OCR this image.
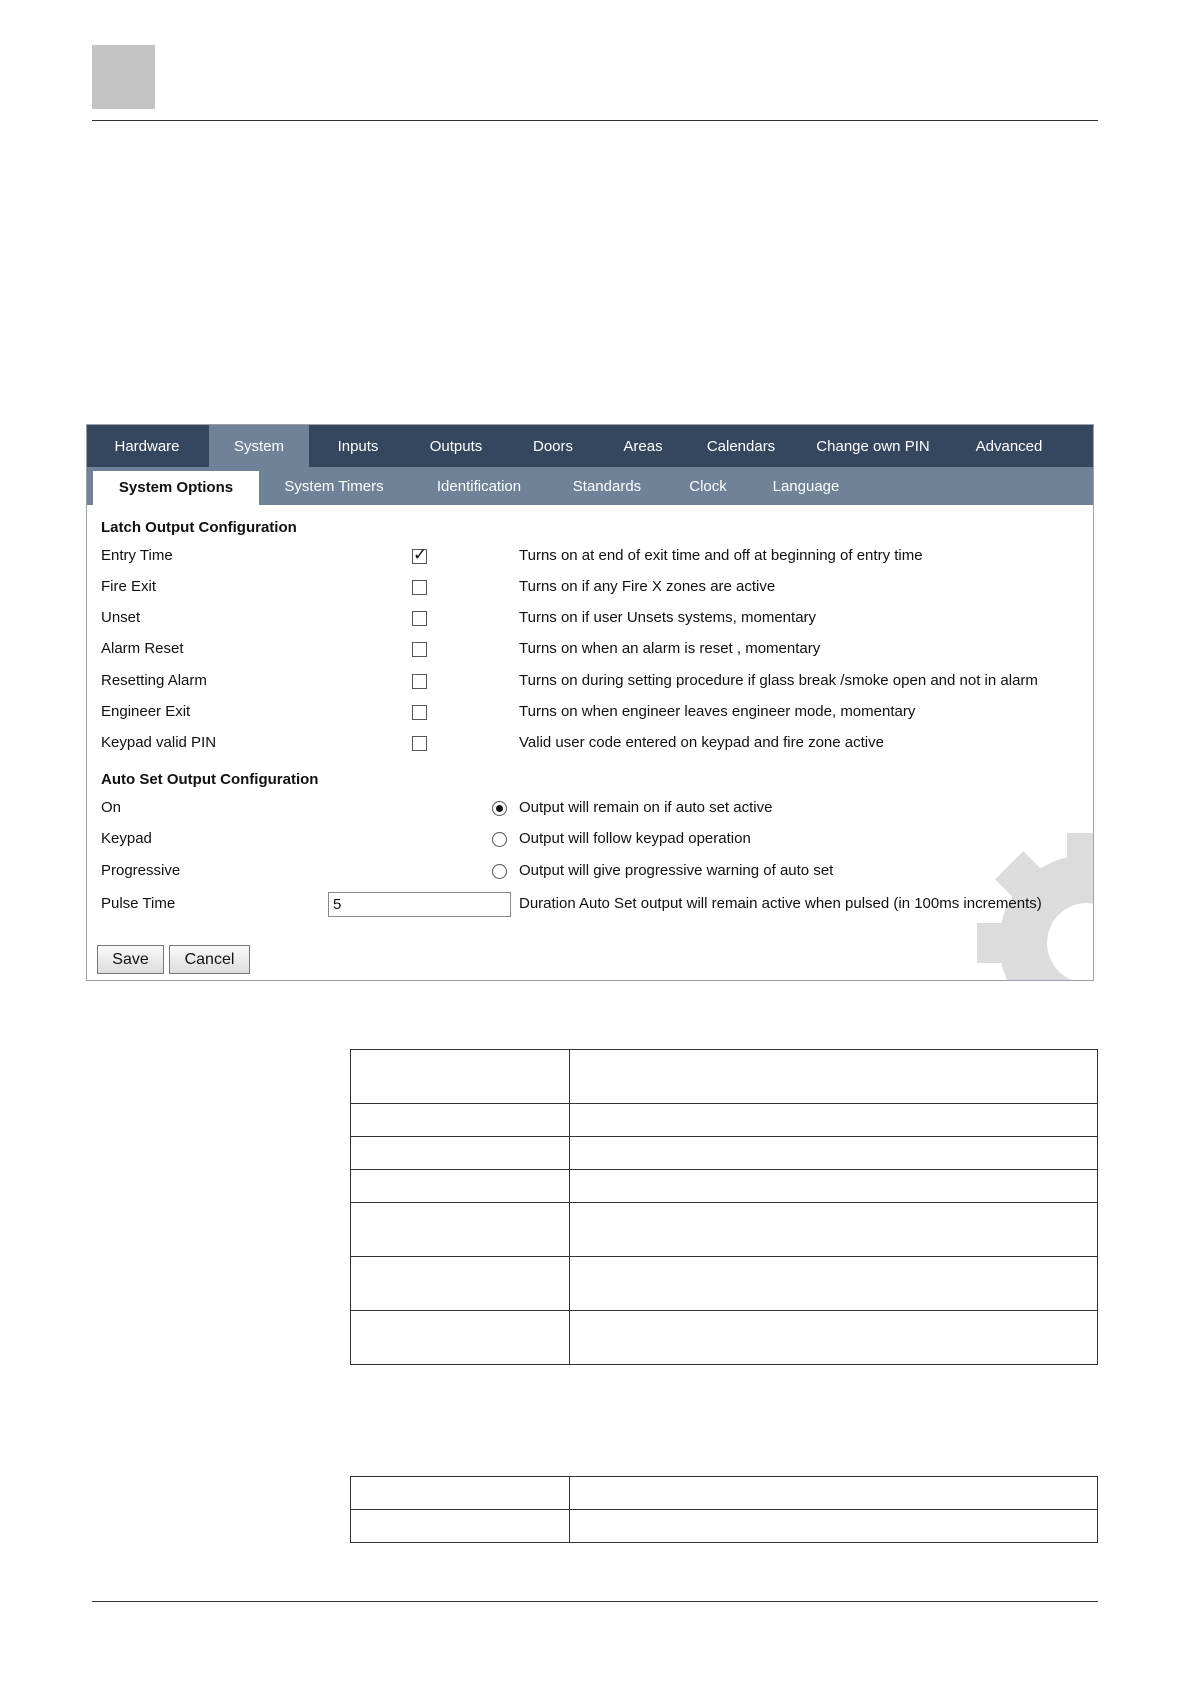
Hardware	System	Inputs	Outputs	Doors	Areas	Calendars	Change own PIN	Advanced
System Options	System Timers	Identification	Standards	Clock	Language
Latch Output Configuration
Entry Time
✓	Turns on at end of exit time and off at beginning of entry time
Fire Exit	Turns on if any Fire X zones are active
Unset	Turns on if user Unsets systems, momentary
Alarm Reset	Turns on when an alarm is reset , momentary
Resetting Alarm	Turns on during setting procedure if glass break /smoke open and not in alarm
Engineer Exit	Turns on when engineer leaves engineer mode, momentary
Keypad valid PIN	Valid user code entered on keypad and fire zone active
Auto Set Output Configuration
On	Output will remain on if auto set active
Keypad	Output will follow keypad operation
Progressive	Output will give progressive warning of auto set
Pulse Time
5	Duration Auto Set output will remain active when pulsed (in 100ms increments)
Save	Cancel
